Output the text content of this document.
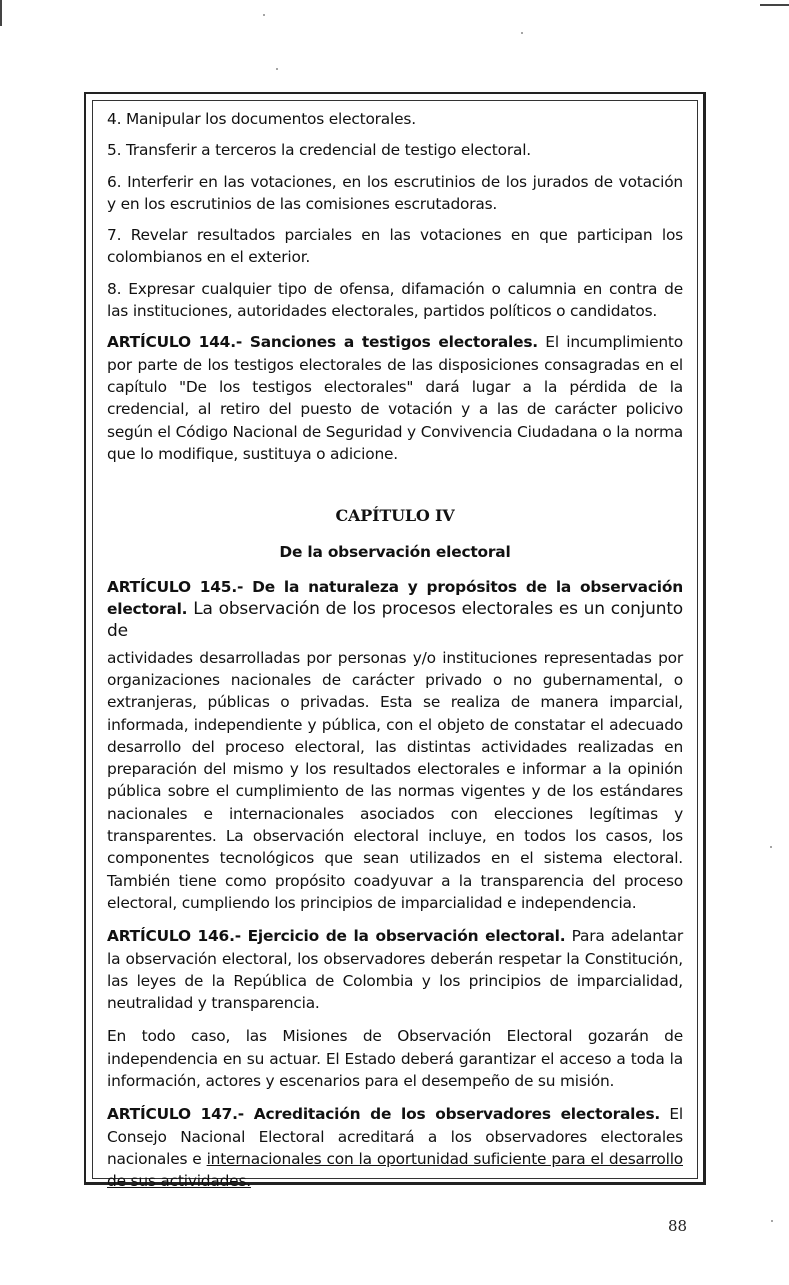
4. Manipular los documentos electorales.

5. Transferir a terceros la credencial de testigo electoral.

6. Interferir en las votaciones, en los escrutinios de los jurados de votación y en los escrutinios de las comisiones escrutadoras.

7. Revelar resultados parciales en las votaciones en que participan los colombianos en el exterior.

8. Expresar cualquier tipo de ofensa, difamación o calumnia en contra de las instituciones, autoridades electorales, partidos políticos o candidatos.

ARTÍCULO 144.- Sanciones a testigos electorales. El incumplimiento por parte de los testigos electorales de las disposiciones consagradas en el capítulo "De los testigos electorales" dará lugar a la pérdida de la credencial, al retiro del puesto de votación y a las de carácter policivo según el Código Nacional de Seguridad y Convivencia Ciudadana o la norma que lo modifique, sustituya o adicione.

CAPÍTULO IV

De la observación electoral

ARTÍCULO 145.- De la naturaleza y propósitos de la observación electoral. La observación de los procesos electorales es un conjunto de

actividades desarrolladas por personas y/o instituciones representadas por organizaciones nacionales de carácter privado o no gubernamental, o extranjeras, públicas o privadas. Esta se realiza de manera imparcial, informada, independiente y pública, con el objeto de constatar el adecuado desarrollo del proceso electoral, las distintas actividades realizadas en preparación del mismo y los resultados electorales e informar a la opinión pública sobre el cumplimiento de las normas vigentes y de los estándares nacionales e internacionales asociados con elecciones legítimas y transparentes. La observación electoral incluye, en todos los casos, los componentes tecnológicos que sean utilizados en el sistema electoral. También tiene como propósito coadyuvar a la transparencia del proceso electoral, cumpliendo los principios de imparcialidad e independencia.

ARTÍCULO 146.- Ejercicio de la observación electoral. Para adelantar la observación electoral, los observadores deberán respetar la Constitución, las leyes de la República de Colombia y los principios de imparcialidad, neutralidad y transparencia.

En todo caso, las Misiones de Observación Electoral gozarán de independencia en su actuar. El Estado deberá garantizar el acceso a toda la información, actores y escenarios para el desempeño de su misión.

ARTÍCULO 147.- Acreditación de los observadores electorales. El Consejo Nacional Electoral acreditará a los observadores electorales nacionales e internacionales con la oportunidad suficiente para el desarrollo de sus actividades.

88
